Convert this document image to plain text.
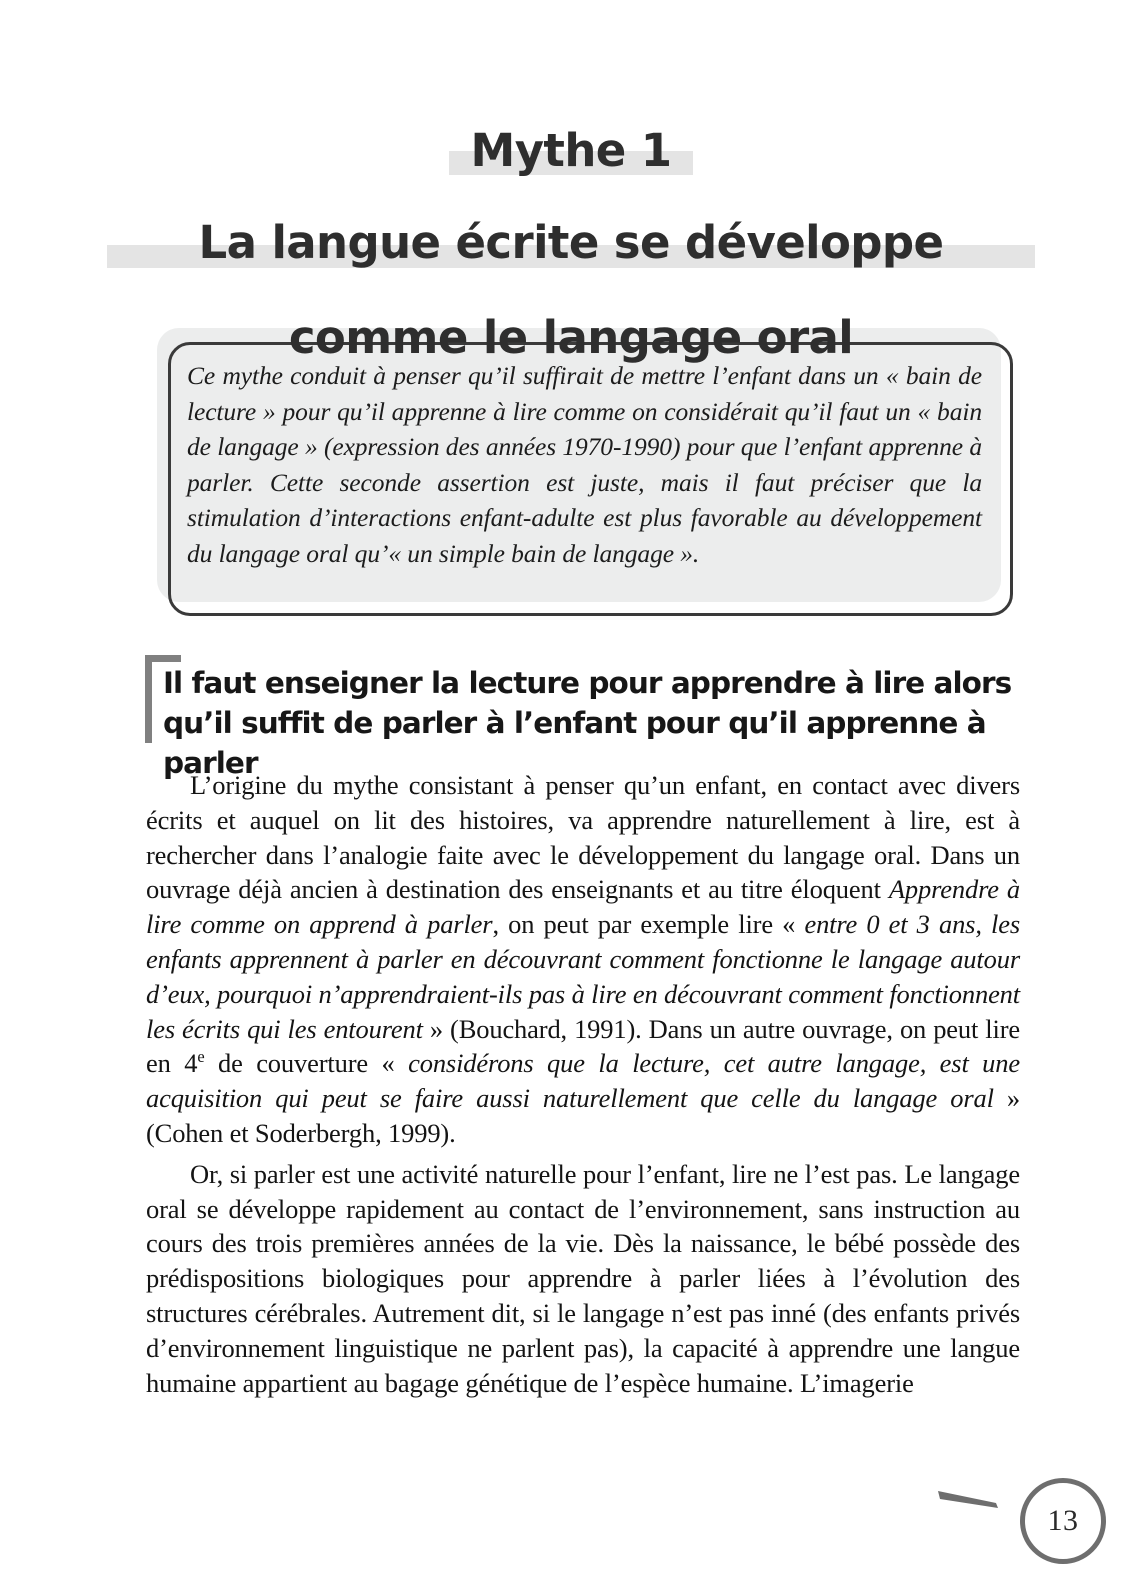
Mythe 1
La langue écrite se développe
comme le langage oral
Ce mythe conduit à penser qu’il suffirait de mettre l’enfant dans un « bain de lecture » pour qu’il apprenne à lire comme on considérait qu’il faut un « bain de langage » (expression des années 1970-1990) pour que l’enfant apprenne à parler. Cette seconde assertion est juste, mais il faut préciser que la stimulation d’interactions enfant-adulte est plus favorable au développement du langage oral qu’« un simple bain de langage ».
Il faut enseigner la lecture pour apprendre à lire alors qu’il suffit de parler à l’enfant pour qu’il apprenne à parler

L’origine du mythe consistant à penser qu’un enfant, en contact avec divers écrits et auquel on lit des histoires, va apprendre naturellement à lire, est à rechercher dans l’analogie faite avec le développement du langage oral. Dans un ouvrage déjà ancien à destination des enseignants et au titre éloquent Apprendre à lire comme on apprend à parler, on peut par exemple lire « entre 0 et 3 ans, les enfants apprennent à parler en découvrant comment fonctionne le langage autour d’eux, pourquoi n’apprendraient-ils pas à lire en découvrant comment fonctionnent les écrits qui les entourent » (Bouchard, 1991). Dans un autre ouvrage, on peut lire en 4e de couverture « considérons que la lecture, cet autre langage, est une acquisition qui peut se faire aussi naturellement que celle du langage oral » (Cohen et Soderbergh, 1999).

Or, si parler est une activité naturelle pour l’enfant, lire ne l’est pas. Le langage oral se développe rapidement au contact de l’environnement, sans instruction au cours des trois premières années de la vie. Dès la naissance, le bébé possède des prédispositions biologiques pour apprendre à parler liées à l’évolution des structures cérébrales. Autrement dit, si le langage n’est pas inné (des enfants privés d’environnement linguistique ne parlent pas), la capacité à apprendre une langue humaine appartient au bagage génétique de l’espèce humaine. L’imagerie

13
